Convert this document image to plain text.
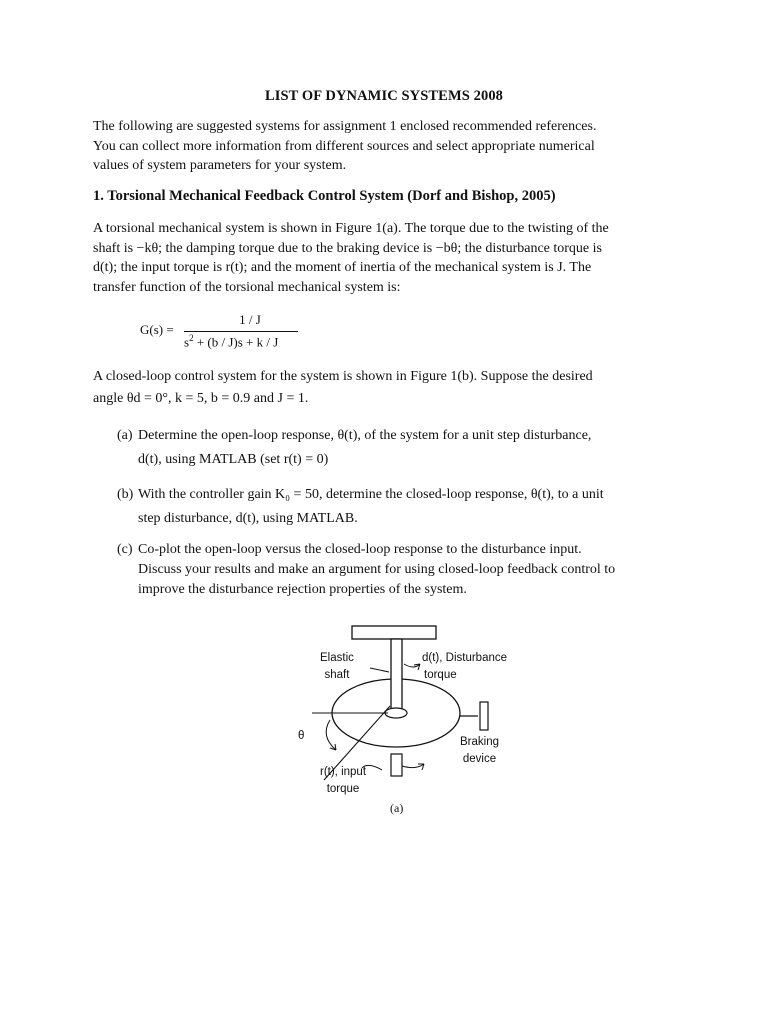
LIST OF DYNAMIC SYSTEMS 2008
The following are suggested systems for assignment 1 enclosed recommended references.
You can collect more information from different sources and select appropriate numerical
values of system parameters for your system.
1. Torsional Mechanical Feedback Control System (Dorf and Bishop, 2005)
A torsional mechanical system is shown in Figure 1(a). The torque due to the twisting of the
shaft is −kθ; the damping torque due to the braking device is −bθ; the disturbance torque is
d(t); the input torque is r(t); and the moment of inertia of the mechanical system is J. The
transfer function of the torsional mechanical system is:
G(s) =
1 / J
$s^2 + (b / J)s + k / J$
A closed-loop control system for the system is shown in Figure 1(b). Suppose the desired
angle θd = 0°, k = 5, b = 0.9 and J = 1.
(a) Determine the open-loop response, θ(t), of the system for a unit step disturbance,
d(t), using MATLAB (set r(t) = 0)
(b) With the controller gain K₀ = 50, determine the closed-loop response, θ(t), to a unit
step disturbance, d(t), using MATLAB.
(c) Co-plot the open-loop versus the closed-loop response to the disturbance input.
Discuss your results and make an argument for using closed-loop feedback control to
improve the disturbance rejection properties of the system.
Elastic
shaft
d(t), Disturbance
torque
θ	Braking
device
r(t), input
torque
(a)
